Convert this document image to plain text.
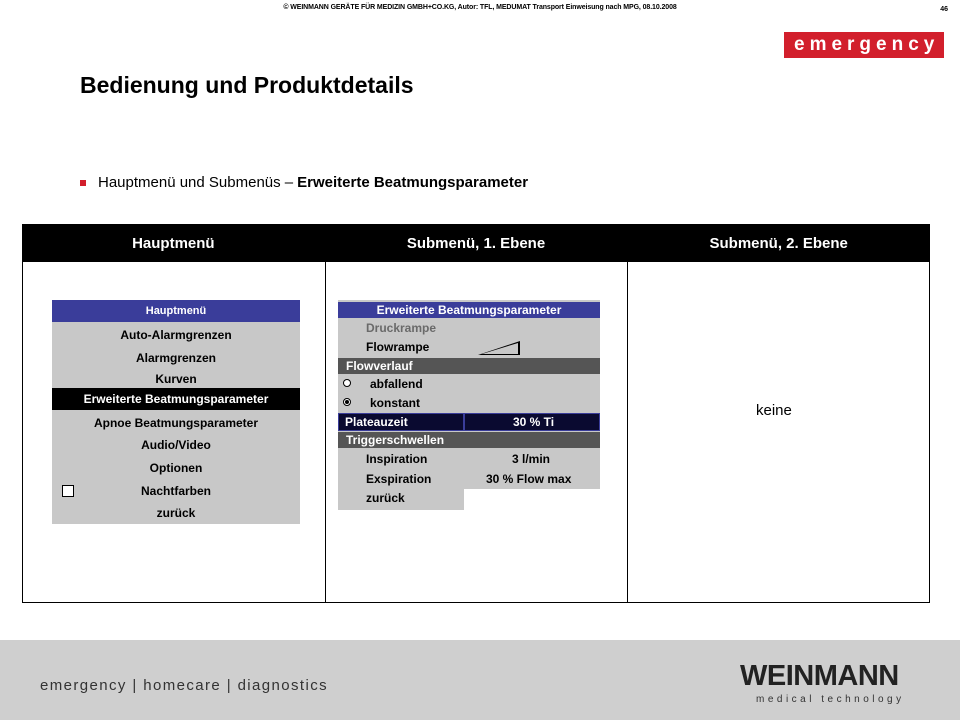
© WEINMANN GERÄTE FÜR MEDIZIN GMBH+CO.KG, Autor: TFL, MEDUMAT Transport Einweisung nach MPG, 08.10.2008	46
emergency
Bedienung und Produktdetails
Hauptmenü und Submenüs – Erweiterte Beatmungsparameter
Hauptmenü	Submenü, 1. Ebene	Submenü, 2. Ebene
Hauptmenü
Auto-Alarmgrenzen
Alarmgrenzen
Kurven
Erweiterte Beatmungsparameter
Apnoe Beatmungsparameter
Audio/Video
Optionen
Nachtfarben
zurück
Erweiterte Beatmungsparameter
Druckrampe
Flowrampe
Flowverlauf
abfallend
konstant
Plateauzeit	30 % Ti
Triggerschwellen
Inspiration	3 l/min
Exspiration	30 % Flow max
zurück
keine
emergency | homecare | diagnostics	WEINMANN
medical technology
